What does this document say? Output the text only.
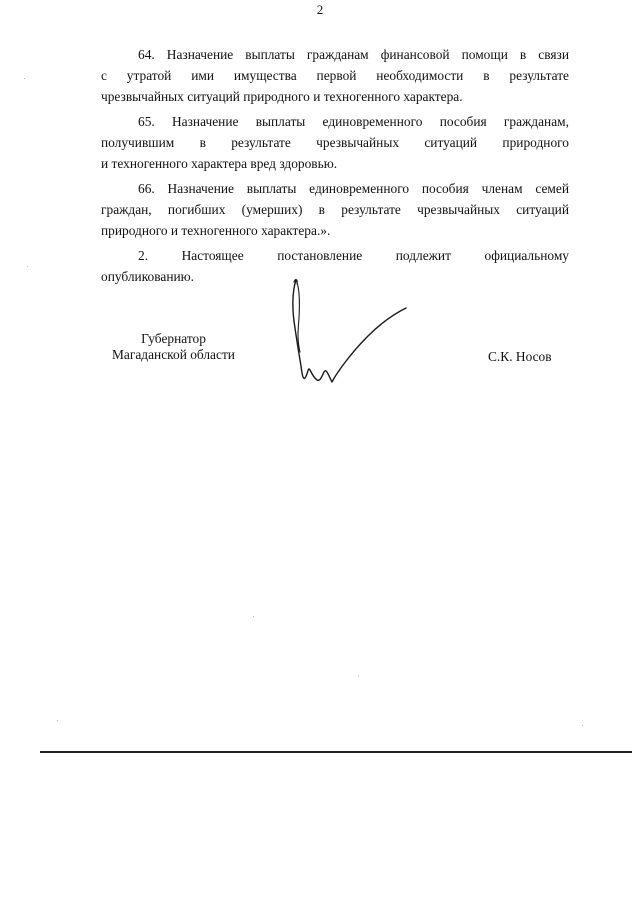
2

64. Назначение выплаты гражданам финансовой помощи в связи
с утратой ими имущества первой необходимости в результате
чрезвычайных ситуаций природного и техногенного характера.

65. Назначение выплаты единовременного пособия гражданам,
получившим в результате чрезвычайных ситуаций природного
и техногенного характера вред здоровью.

66. Назначение выплаты единовременного пособия членам семей
граждан, погибших (умерших) в результате чрезвычайных ситуаций
природного и техногенного характера.».

2. Настоящее постановление подлежит официальному
опубликованию.

Губернатор
Магаданской области	С.К. Носов
